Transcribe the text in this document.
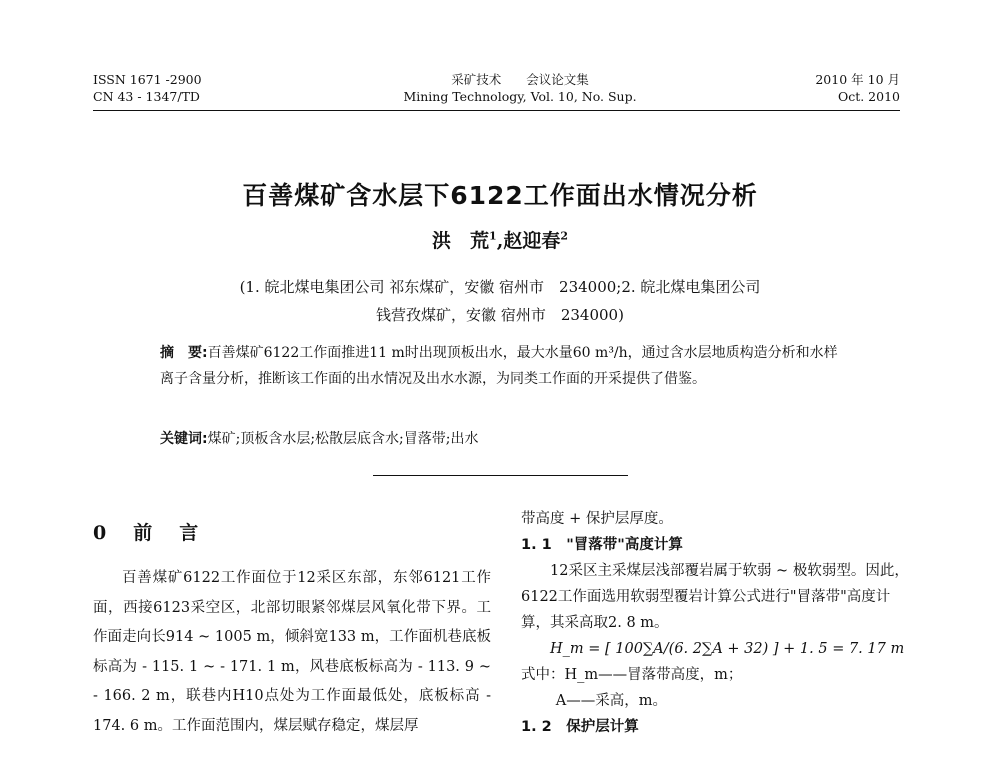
ISSN 1671 -2900
CN 43 - 1347/TD
采矿技术　　会议论文集
Mining Technology, Vol. 10, No. Sup.
2010 年 10 月
Oct. 2010
百善煤矿含水层下6122工作面出水情况分析
洪　荒$^1$,赵迎春$^2$
(1. 皖北煤电集团公司 祁东煤矿，安徽 宿州市　234000;2. 皖北煤电集团公司
钱营孜煤矿，安徽 宿州市　234000)
摘　要:百善煤矿6122工作面推进11 m时出现顶板出水，最大水量60 m³/h，通过含水层地质构造分析和水样离子含量分析，推断该工作面的出水情况及出水水源，为同类工作面的开采提供了借鉴。
关键词:煤矿;顶板含水层;松散层底含水;冒落带;出水
0　前　言

百善煤矿6122工作面位于12采区东部，东邻6121工作面，西接6123采空区，北部切眼紧邻煤层风氧化带下界。工作面走向长914 ~ 1005 m，倾斜宽133 m，工作面机巷底板标高为 - 115. 1 ~ - 171. 1 m，风巷底板标高为 - 113. 9 ~ - 166. 2 m，联巷内H10点处为工作面最低处，底板标高 - 174. 6 m。工作面范围内，煤层赋存稳定，煤层厚

带高度 + 保护层厚度。

1. 1　"冒落带"高度计算

12采区主采煤层浅部覆岩属于软弱 ~ 极软弱型。因此，6122工作面选用软弱型覆岩计算公式进行"冒落带"高度计算，其采高取2. 8 m。

H_m = [ 100∑A/(6. 2∑A + 32) ] + 1. 5 = 7. 17 m

式中：H_m——冒落带高度，m；

A——采高，m。

1. 2　保护层计算
